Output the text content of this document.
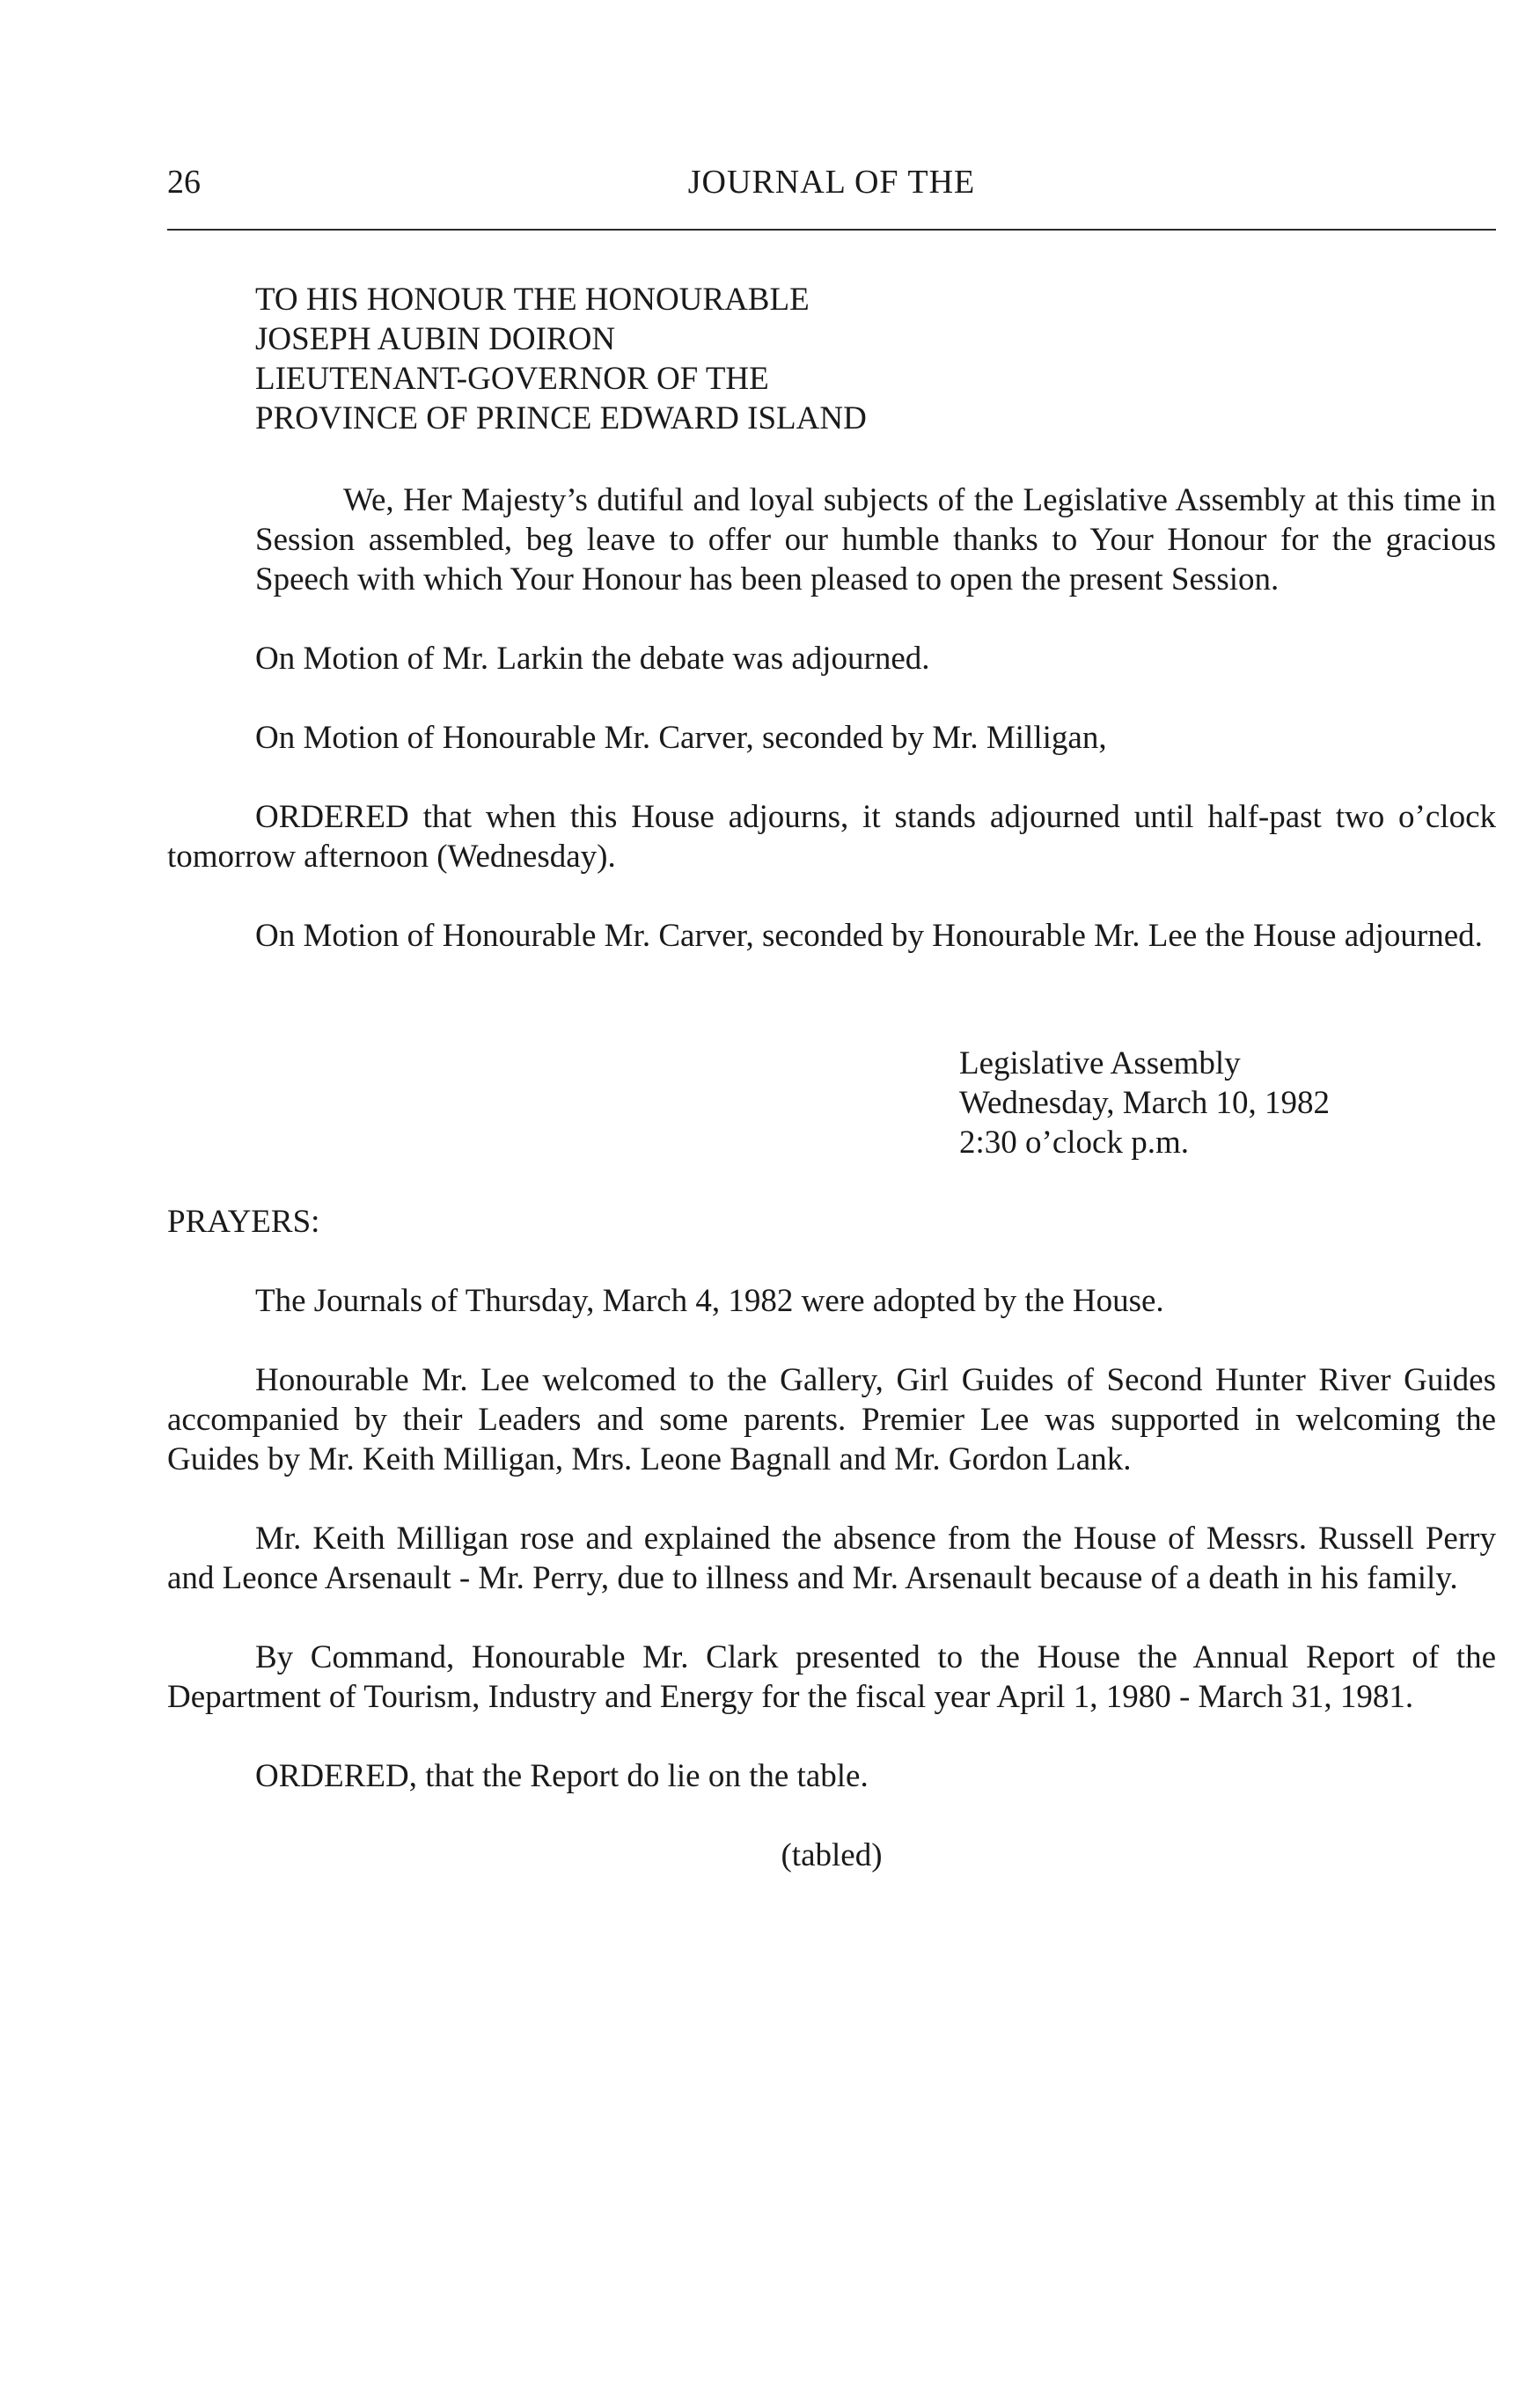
26	JOURNAL OF THE
TO HIS HONOUR THE HONOURABLE
JOSEPH AUBIN DOIRON
LIEUTENANT-GOVERNOR OF THE
PROVINCE OF PRINCE EDWARD ISLAND

We, Her Majesty’s dutiful and loyal subjects of the Legislative Assembly at this time in Session assembled, beg leave to offer our humble thanks to Your Honour for the gracious Speech with which Your Honour has been pleased to open the present Session.

On Motion of Mr. Larkin the debate was adjourned.

On Motion of Honourable Mr. Carver, seconded by Mr. Milligan,

ORDERED that when this House adjourns, it stands adjourned until half-past two o’clock tomorrow afternoon (Wednesday).

On Motion of Honourable Mr. Carver, seconded by Honourable Mr. Lee the House adjourned.

Legislative Assembly
Wednesday, March 10, 1982
2:30 o’clock p.m.
PRAYERS:

The Journals of Thursday, March 4, 1982 were adopted by the House.

Honourable Mr. Lee welcomed to the Gallery, Girl Guides of Second Hunter River Guides accompanied by their Leaders and some parents. Premier Lee was supported in welcoming the Guides by Mr. Keith Milligan, Mrs. Leone Bagnall and Mr. Gordon Lank.

Mr. Keith Milligan rose and explained the absence from the House of Messrs. Russell Perry and Leonce Arsenault - Mr. Perry, due to illness and Mr. Arsenault because of a death in his family.

By Command, Honourable Mr. Clark presented to the House the Annual Report of the Department of Tourism, Industry and Energy for the fiscal year April 1, 1980 - March 31, 1981.

ORDERED, that the Report do lie on the table.

(tabled)
